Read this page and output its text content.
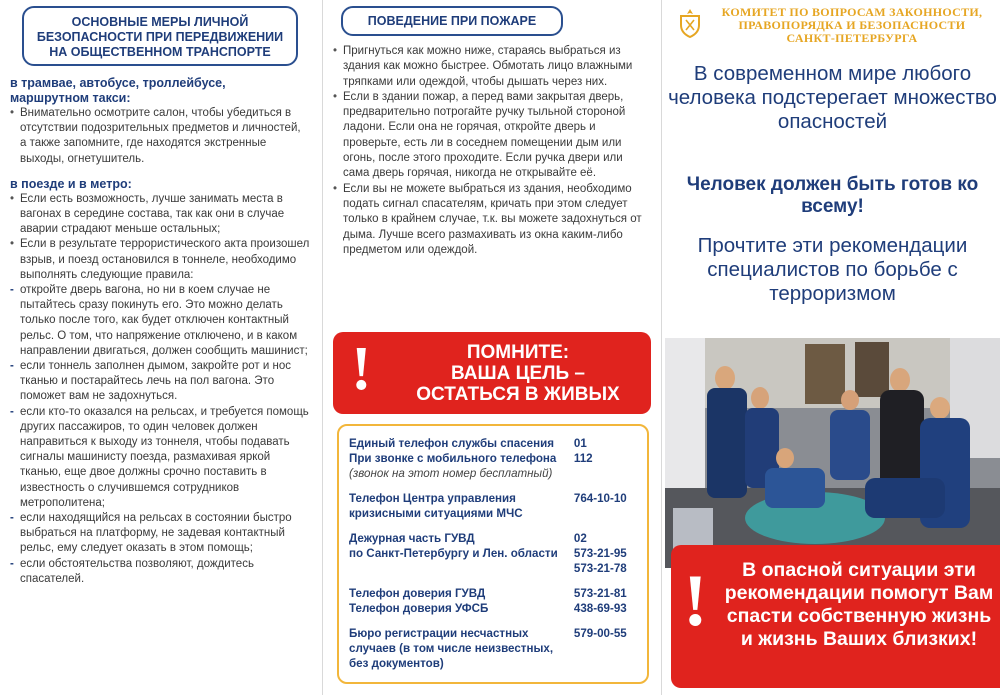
ОСНОВНЫЕ МЕРЫ ЛИЧНОЙ БЕЗОПАСНОСТИ ПРИ ПЕРЕДВИЖЕНИИ НА ОБЩЕСТВЕННОМ ТРАНСПОРТЕ
в трамвае, автобусе, троллейбусе,
маршрутном такси:
• Внимательно осмотрите салон, чтобы убедиться в отсутствии подозрительных предметов и личностей, а также запомните, где находятся экстренные выходы, огнетушитель.
в поезде и в метро:
• Если есть возможность, лучше занимать места в вагонах в середине состава, так как они в случае аварии страдают меньше остальных;
• Если в результате террористического акта произошел взрыв, и поезд остановился в тоннеле, необходимо выполнять следующие правила:
- откройте дверь вагона, но ни в коем случае не пытайтесь сразу покинуть его. Это можно делать только после того, как будет отключен контактный рельс. О том, что напряжение отключено, и в каком направлении двигаться, должен сообщить машинист;
- если тоннель заполнен дымом, закройте рот и нос тканью и постарайтесь лечь на пол вагона. Это поможет вам не задохнуться.
- если кто-то оказался на рельсах, и требуется помощь других пассажиров, то один человек должен направиться к выходу из тоннеля, чтобы подавать сигналы машинисту поезда, размахивая яркой тканью, еще двое должны срочно поставить в известность о случившемся сотрудников метрополитена;
- если находящийся на рельсах в состоянии быстро выбраться на платформу, не задевая контактный рельс, ему следует оказать в этом помощь;
- если обстоятельства позволяют, дождитесь спасателей.
ПОВЕДЕНИЕ ПРИ ПОЖАРЕ
• Пригнуться как можно ниже, стараясь выбраться из здания как можно быстрее. Обмотать лицо влажными тряпками или одеждой, чтобы дышать через них.
• Если в здании пожар, а перед вами закрытая дверь, предварительно потрогайте ручку тыльной стороной ладони. Если она не горячая, откройте дверь и проверьте, есть ли в соседнем помещении дым или огонь, после этого проходите. Если ручка двери или сама дверь горячая, никогда не открывайте её.
• Если вы не можете выбраться из здания, необходимо подать сигнал спасателям, кричать при этом следует только в крайнем случае, т.к. вы можете задохнуться от дыма. Лучше всего размахивать из окна каким-либо предметом или одеждой.
!	ПОМНИТЕ:
ВАША ЦЕЛЬ –
ОСТАТЬСЯ В ЖИВЫХ
Единый телефон службы спасения	01
При звонке с мобильного телефона	112
(звонок на этот номер бесплатный)
Телефон Центра управления кризисными ситуациями МЧС
764-10-10
Дежурная часть ГУВД	02
по Санкт-Петербургу и Лен. области	573-21-95
573-21-78
Телефон доверия ГУВД	573-21-81
Телефон доверия УФСБ	438-69-93
Бюро регистрации несчастных случаев (в том числе неизвестных, без документов)
579-00-55
КОМИТЕТ ПО ВОПРОСАМ ЗАКОННОСТИ,
ПРАВОПОРЯДКА И БЕЗОПАСНОСТИ
САНКТ-ПЕТЕРБУРГА
В современном мире любого человека подстерегает множество опасностей
Человек должен быть готов ко всему!
Прочтите эти рекомендации специалистов по борьбе с терроризмом
!	В опасной ситуации эти рекомендации помогут Вам спасти собственную жизнь и жизнь Ваших близких!
